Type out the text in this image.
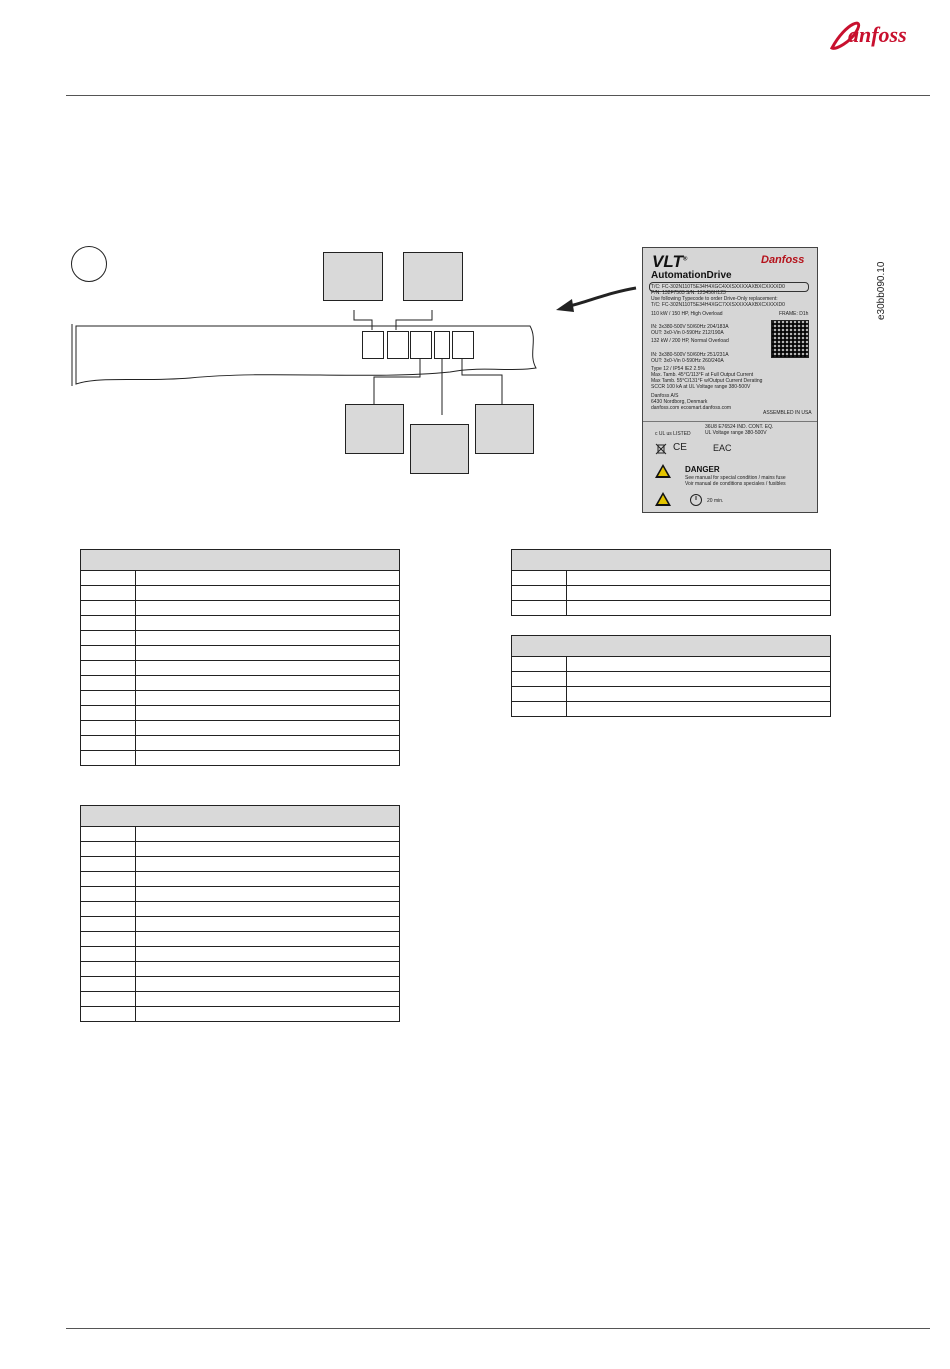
anfoss
e30bb090.10
VLT®	Danfoss
AutomationDrive
T/C: FC-302N110T5E34H4XGC4XXSXXXXAXBXCXXXXD0
P/N: 132F7503 S/N: 123456H123
Use following Typecode to order Drive-Only replacement:
T/C: FC-302N110T5E34H4XGC7XXSXXXXAXBXCXXXXD0
110 kW / 150 HP, High Overload	FRAME: D1h
IN: 3x380-500V 50/60Hz 204/183A
OUT: 3x0-Vin 0-590Hz 212/190A
132 kW / 200 HP, Normal Overload
IN: 3x380-500V 50/60Hz 251/231A
OUT: 3x0-Vin 0-590Hz 260/240A
Type 12 / IP54 IE2 2.5%
Max. Tamb. 45°C/113°F at Full Output Current
Max Tamb. 55°C/131°F w/Output Current Derating
SCCR 100 kA at UL Voltage range 380-500V
Danfoss A/S
6430 Nordborg, Denmark
danfoss.com ecosmart.danfoss.com
ASSEMBLED IN USA
36U8 E76524 IND. CONT. EQ.
UL Voltage range 380-500V
c UL us LISTED
CE	EAC
DANGER
See manual for special condition / mains fuse
Voir manual de conditions speciales / fusibles
20 min.
